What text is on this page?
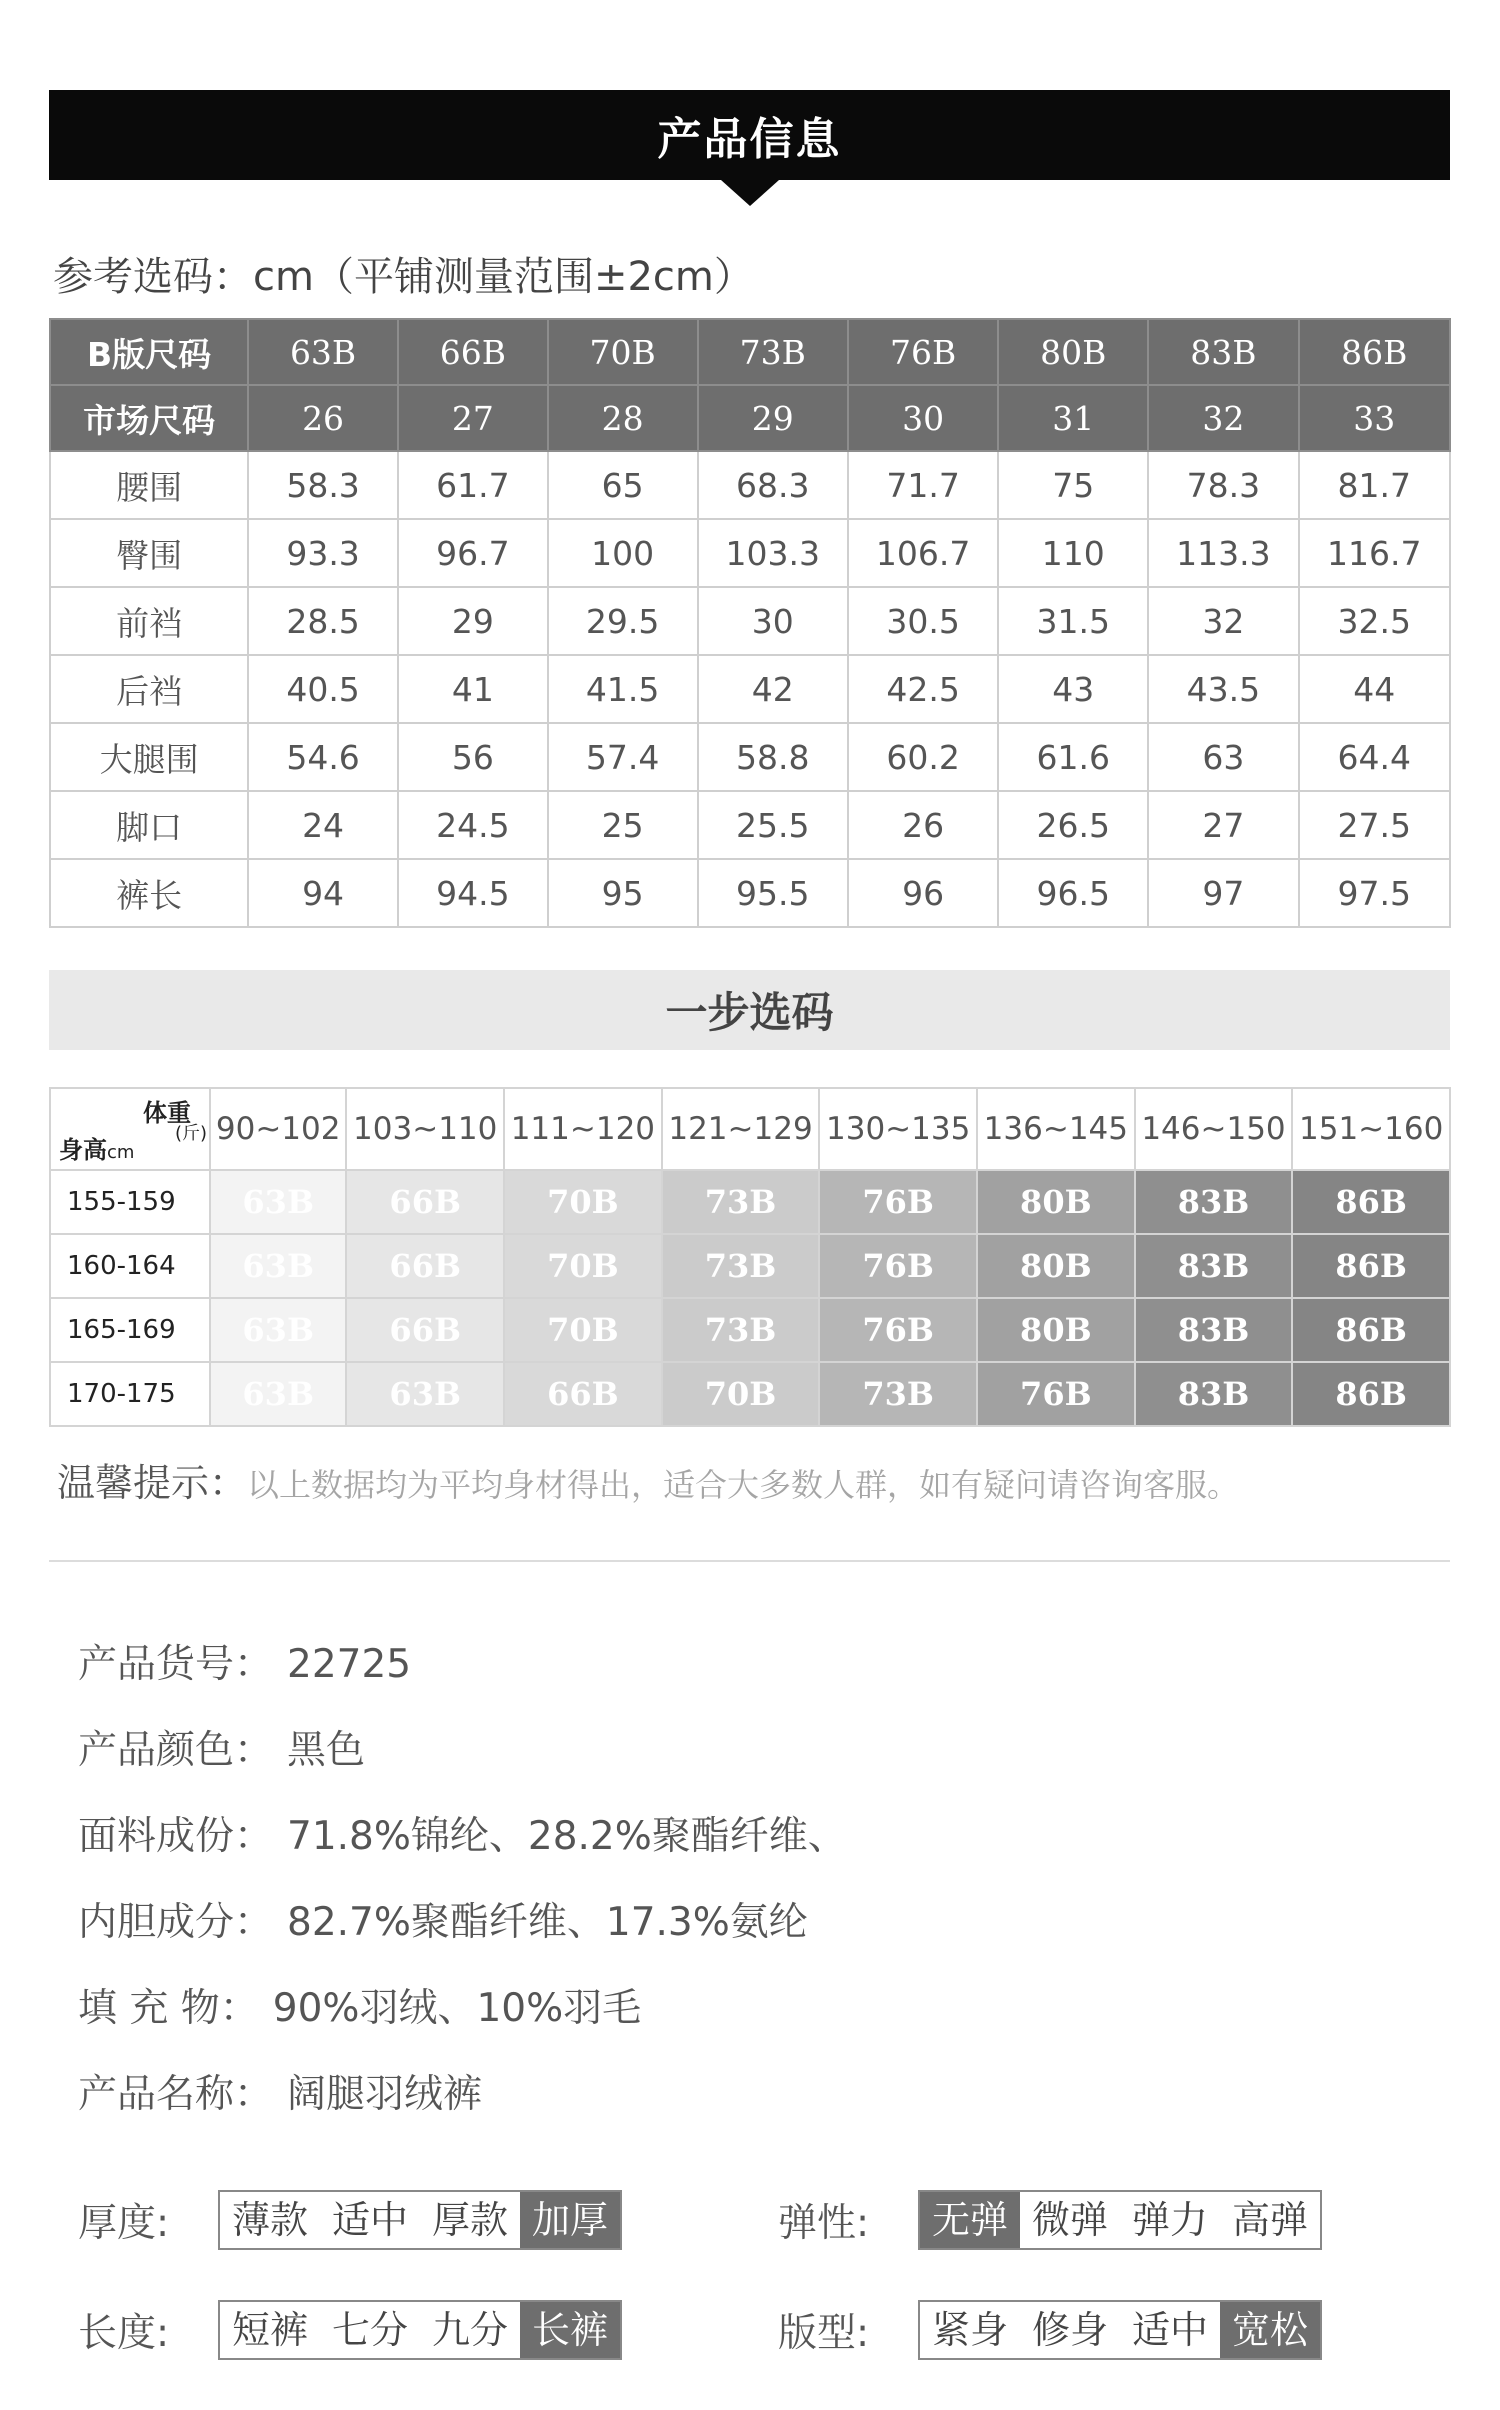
产品信息
参考选码：cm（平铺测量范围±2cm）
B版尺码	63B	66B	70B	73B	76B	80B	83B	86B
市场尺码	26	27	28	29	30	31	32	33
腰围	58.3	61.7	65	68.3	71.7	75	78.3	81.7
臀围	93.3	96.7	100	103.3	106.7	110	113.3	116.7
前裆	28.5	29	29.5	30	30.5	31.5	32	32.5
后裆	40.5	41	41.5	42	42.5	43	43.5	44
大腿围	54.6	56	57.4	58.8	60.2	61.6	63	64.4
脚口	24	24.5	25	25.5	26	26.5	27	27.5
裤长	94	94.5	95	95.5	96	96.5	97	97.5
一步选码
体重
(斤)
身高cm	90~102	103~110	111~120	121~129	130~135	136~145	146~150	151~160
155-159	63B	66B	70B	73B	76B	80B	83B	86B
160-164	63B	66B	70B	73B	76B	80B	83B	86B
165-169	63B	66B	70B	73B	76B	80B	83B	86B
170-175	63B	63B	66B	70B	73B	76B	83B	86B
温馨提示：以上数据均为平均身材得出，适合大多数人群，如有疑问请咨询客服。
产品货号： 22725
产品颜色： 黑色
面料成份： 71.8%锦纶、28.2%聚酯纤维、
内胆成分： 82.7%聚酯纤维、17.3%氨纶
填 充 物： 90%羽绒、10%羽毛
产品名称： 阔腿羽绒裤
厚度:	薄款 适中 厚款 加厚	弹性:	无弹 微弹 弹力 高弹
长度:	短裤 七分 九分 长裤	版型:	紧身 修身 适中 宽松
